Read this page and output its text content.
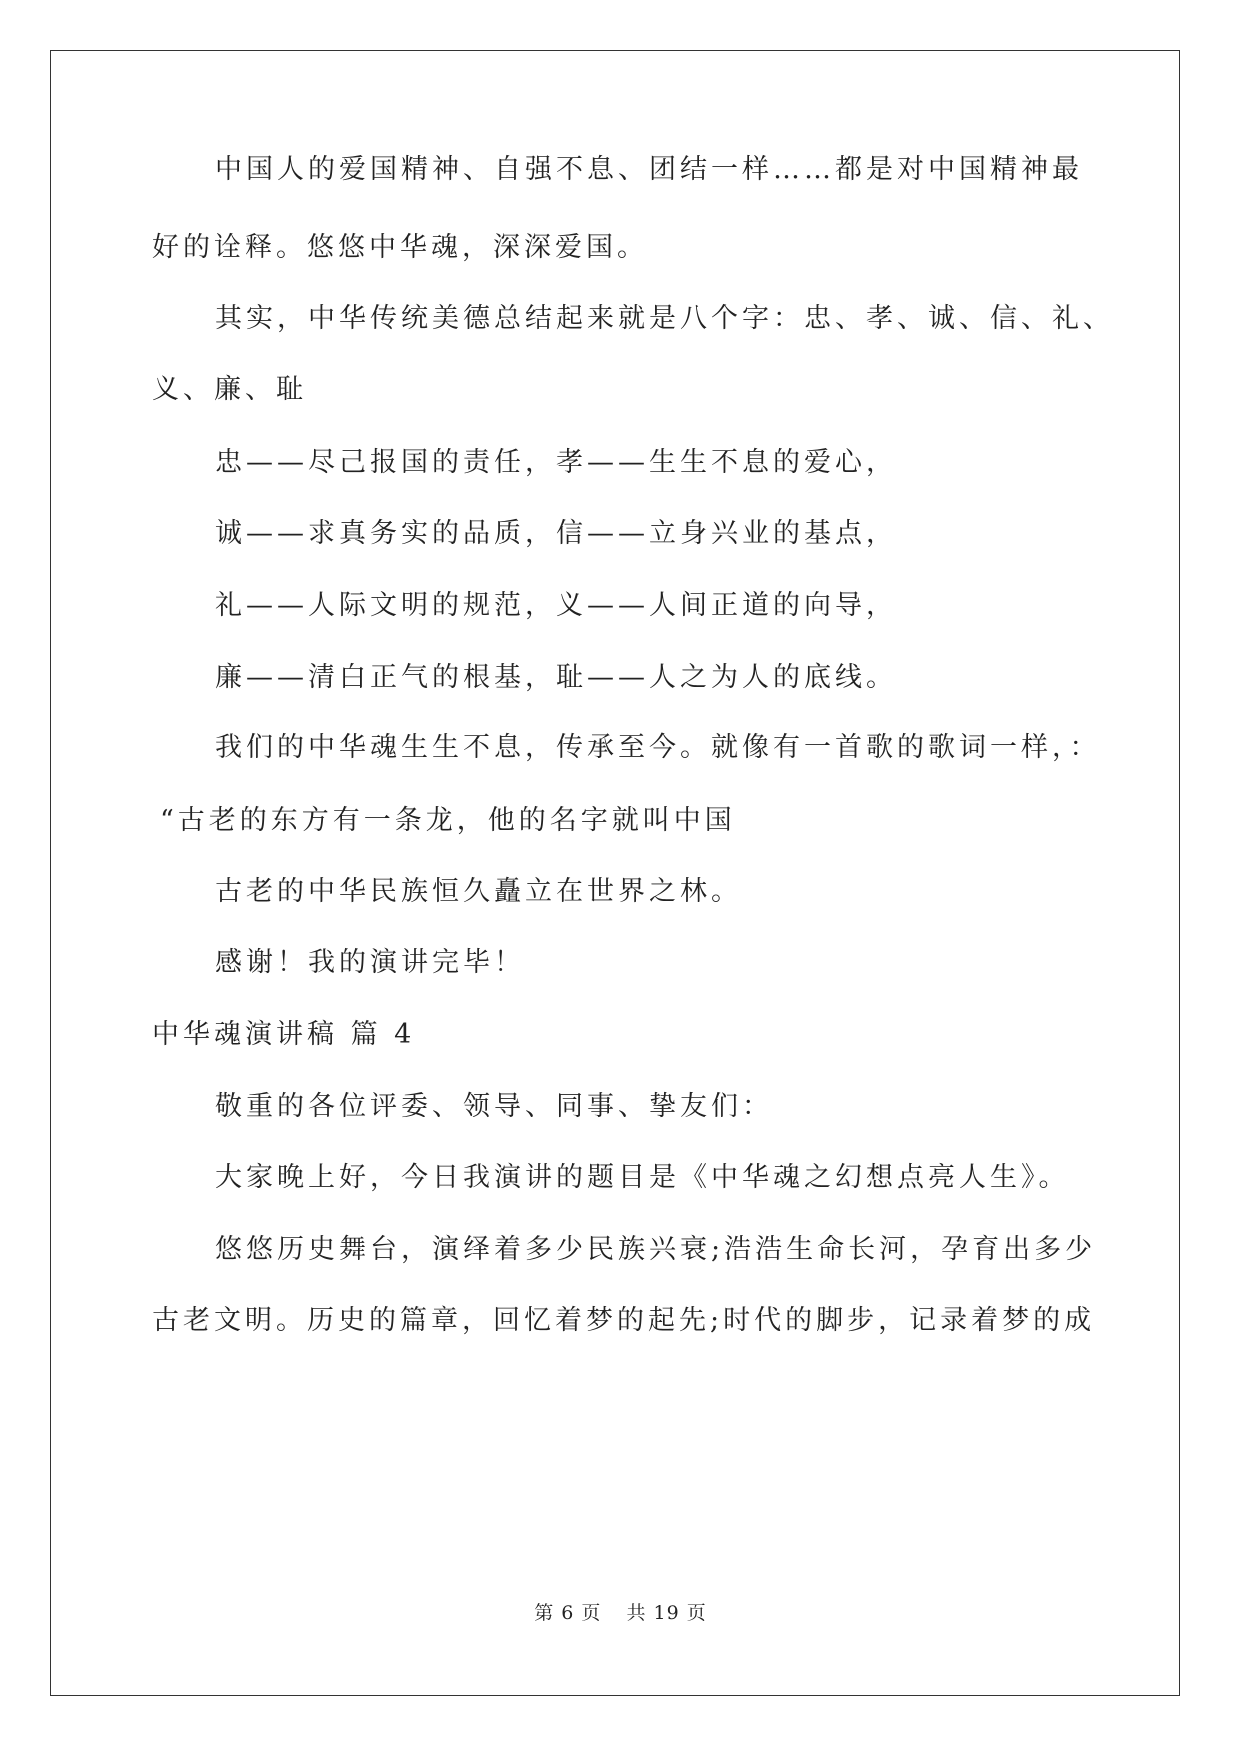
中国人的爱国精神、自强不息、团结一样……都是对中国精神最
好的诠释。悠悠中华魂，深深爱国。
其实，中华传统美德总结起来就是八个字：忠、孝、诚、信、礼、
义、廉、耻
忠——尽己报国的责任，孝——生生不息的爱心，
诚——求真务实的品质，信——立身兴业的基点，
礼——人际文明的规范，义——人间正道的向导，
廉——清白正气的根基，耻——人之为人的底线。
我们的中华魂生生不息，传承至今。就像有一首歌的歌词一样，：
“古老的东方有一条龙，他的名字就叫中国
古老的中华民族恒久矗立在世界之林。
感谢！我的演讲完毕！
中华魂演讲稿 篇 4
敬重的各位评委、领导、同事、挚友们：
大家晚上好，今日我演讲的题目是《中华魂之幻想点亮人生》。
悠悠历史舞台，演绎着多少民族兴衰;浩浩生命长河，孕育出多少
古老文明。历史的篇章，回忆着梦的起先;时代的脚步，记录着梦的成
第 6 页 共 19 页
